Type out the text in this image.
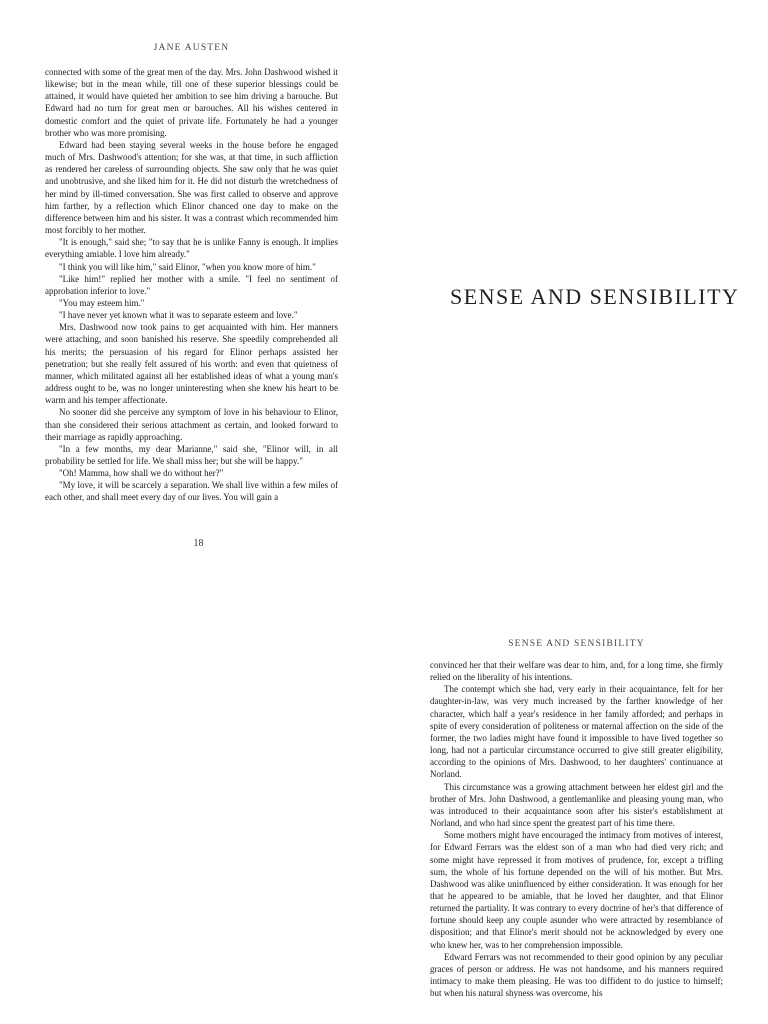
JANE AUSTEN

connected with some of the great men of the day. Mrs. John Dashwood wished it likewise; but in the mean while, till one of these superior blessings could be attained, it would have quieted her ambition to see him driving a barouche. But Edward had no turn for great men or barouches. All his wishes centered in domestic comfort and the quiet of private life. Fortunately he had a younger brother who was more promising.

Edward had been staying several weeks in the house before he engaged much of Mrs. Dashwood's attention; for she was, at that time, in such affliction as rendered her careless of surrounding objects. She saw only that he was quiet and unobtrusive, and she liked him for it. He did not disturb the wretchedness of her mind by ill-timed conversation. She was first called to observe and approve him farther, by a reflection which Elinor chanced one day to make on the difference between him and his sister. It was a contrast which recommended him most forcibly to her mother.

"It is enough," said she; "to say that he is unlike Fanny is enough. It implies everything amiable. I love him already."

"I think you will like him," said Elinor, "when you know more of him."

"Like him!" replied her mother with a smile. "I feel no sentiment of approbation inferior to love."

"You may esteem him."

"I have never yet known what it was to separate esteem and love."

Mrs. Dashwood now took pains to get acquainted with him. Her manners were attaching, and soon banished his reserve. She speedily comprehended all his merits; the persuasion of his regard for Elinor perhaps assisted her penetration; but she really felt assured of his worth: and even that quietness of manner, which militated against all her established ideas of what a young man's address ought to be, was no longer uninteresting when she knew his heart to be warm and his temper affectionate.

No sooner did she perceive any symptom of love in his behaviour to Elinor, than she considered their serious attachment as certain, and looked forward to their marriage as rapidly approaching.

"In a few months, my dear Marianne," said she, "Elinor will, in all probability be settled for life. We shall miss her; but she will be happy."

"Oh! Mamma, how shall we do without her?"

"My love, it will be scarcely a separation. We shall live within a few miles of each other, and shall meet every day of our lives. You will gain a

18
SENSE AND SENSIBILITY
SENSE AND SENSIBILITY

convinced her that their welfare was dear to him, and, for a long time, she firmly relied on the liberality of his intentions.

The contempt which she had, very early in their acquaintance, felt for her daughter-in-law, was very much increased by the farther knowledge of her character, which half a year's residence in her family afforded; and perhaps in spite of every consideration of politeness or maternal affection on the side of the former, the two ladies might have found it impossible to have lived together so long, had not a particular circumstance occurred to give still greater eligibility, according to the opinions of Mrs. Dashwood, to her daughters' continuance at Norland.

This circumstance was a growing attachment between her eldest girl and the brother of Mrs. John Dashwood, a gentlemanlike and pleasing young man, who was introduced to their acquaintance soon after his sister's establishment at Norland, and who had since spent the greatest part of his time there.

Some mothers might have encouraged the intimacy from motives of interest, for Edward Ferrars was the eldest son of a man who had died very rich; and some might have repressed it from motives of prudence, for, except a trifling sum, the whole of his fortune depended on the will of his mother. But Mrs. Dashwood was alike uninfluenced by either consideration. It was enough for her that he appeared to be amiable, that he loved her daughter, and that Elinor returned the partiality. It was contrary to every doctrine of her's that difference of fortune should keep any couple asunder who were attracted by resemblance of disposition; and that Elinor's merit should not be acknowledged by every one who knew her, was to her comprehension impossible.

Edward Ferrars was not recommended to their good opinion by any peculiar graces of person or address. He was not handsome, and his manners required intimacy to make them pleasing. He was too diffident to do justice to himself; but when his natural shyness was overcome, his
